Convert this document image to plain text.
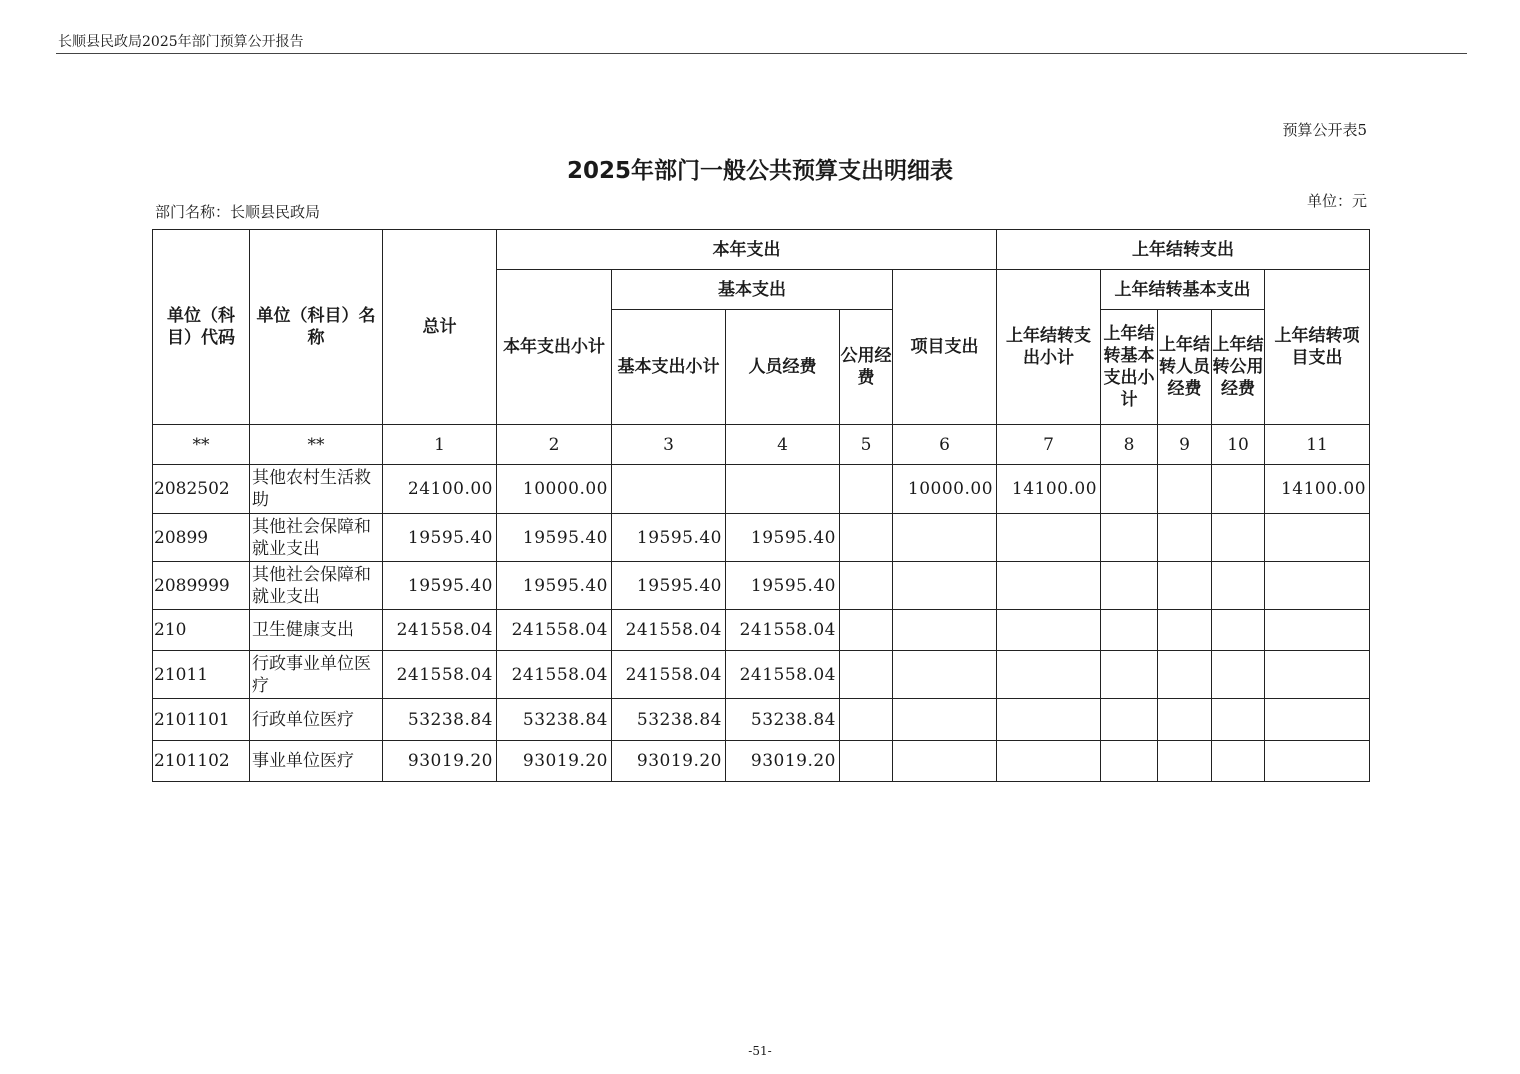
长顺县民政局2025年部门预算公开报告
预算公开表5
2025年部门一般公共预算支出明细表
部门名称：长顺县民政局
单位：元
单位（科目）代码	单位（科目）名称	总计	本年支出					上年结转支出				
			本年支出小计	基本支出			项目支出	上年结转支出小计	上年结转基本支出			上年结转项目支出
				基本支出小计	人员经费	公用经费			上年结转基本支出小计	上年结转人员经费	上年结转公用经费	
**	**	1	2	3	4	5	6	7	8	9	10	11
2082502	其他农村生活救助	24100.00	10000.00				10000.00	14100.00				14100.00
20899	其他社会保障和就业支出	19595.40	19595.40	19595.40	19595.40							
2089999	其他社会保障和就业支出	19595.40	19595.40	19595.40	19595.40							
210	卫生健康支出	241558.04	241558.04	241558.04	241558.04							
21011	行政事业单位医疗	241558.04	241558.04	241558.04	241558.04							
2101101	行政单位医疗	53238.84	53238.84	53238.84	53238.84							
2101102	事业单位医疗	93019.20	93019.20	93019.20	93019.20							
-51-
